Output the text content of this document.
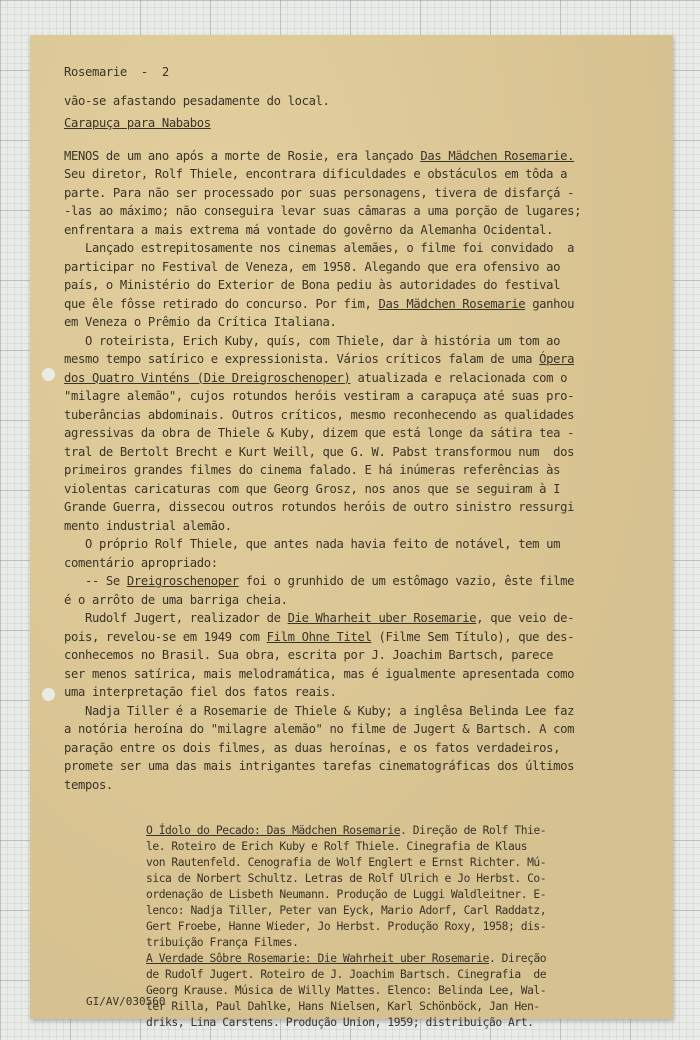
Rosemarie  -  2
vão-se afastando pesadamente do local.
Carapuça para Nababos
MENOS de um ano após a morte de Rosie, era lançado Das Mädchen Rosemarie.
Seu diretor, Rolf Thiele, encontrara dificuldades e obstáculos em tôda a
parte. Para não ser processado por suas personagens, tivera de disfarçá -
-las ao máximo; não conseguira levar suas câmaras a uma porção de lugares;
enfrentara a mais extrema má vontade do govêrno da Alemanha Ocidental.
Lançado estrepitosamente nos cinemas alemães, o filme foi convidado  a
participar no Festival de Veneza, em 1958. Alegando que era ofensivo ao
país, o Ministério do Exterior de Bona pediu às autoridades do festival
que êle fôsse retirado do concurso. Por fim, Das Mädchen Rosemarie ganhou
em Veneza o Prêmio da Crítica Italiana.
O roteirista, Erich Kuby, quís, com Thiele, dar à história um tom ao
mesmo tempo satírico e expressionista. Vários críticos falam de uma Ópera
dos Quatro Vinténs (Die Dreigroschenoper) atualizada e relacionada com o
"milagre alemão", cujos rotundos heróis vestiram a carapuça até suas pro-
tuberâncias abdominais. Outros críticos, mesmo reconhecendo as qualidades
agressivas da obra de Thiele & Kuby, dizem que está longe da sátira tea -
tral de Bertolt Brecht e Kurt Weill, que G. W. Pabst transformou num  dos
primeiros grandes filmes do cinema falado. E há inúmeras referências às
violentas caricaturas com que Georg Grosz, nos anos que se seguiram à I
Grande Guerra, dissecou outros rotundos heróis de outro sinistro ressurgi
mento industrial alemão.
O próprio Rolf Thiele, que antes nada havia feito de notável, tem um
comentário apropriado:
-- Se Dreigroschenoper foi o grunhido de um estômago vazio, êste filme
é o arrôto de uma barriga cheia.
Rudolf Jugert, realizador de Die Wharheit uber Rosemarie, que veio de-
pois, revelou-se em 1949 com Film Ohne Titel (Filme Sem Título), que des-
conhecemos no Brasil. Sua obra, escrita por J. Joachim Bartsch, parece
ser menos satírica, mais melodramática, mas é igualmente apresentada como
uma interpretação fiel dos fatos reais.
Nadja Tiller é a Rosemarie de Thiele & Kuby; a inglêsa Belinda Lee faz
a notória heroína do "milagre alemão" no filme de Jugert & Bartsch. A com
paração entre os dois filmes, as duas heroínas, e os fatos verdadeiros,
promete ser uma das mais intrigantes tarefas cinematográficas dos últimos
tempos.
O Ídolo do Pecado: Das Mädchen Rosemarie. Direção de Rolf Thie-
le. Roteiro de Erich Kuby e Rolf Thiele. Cinegrafia de Klaus
von Rautenfeld. Cenografia de Wolf Englert e Ernst Richter. Mú-
sica de Norbert Schultz. Letras de Rolf Ulrich e Jo Herbst. Co-
ordenação de Lisbeth Neumann. Produção de Luggi Waldleitner. E-
lenco: Nadja Tiller, Peter van Eyck, Mario Adorf, Carl Raddatz,
Gert Froebe, Hanne Wieder, Jo Herbst. Produção Roxy, 1958; dis-
tribuição França Filmes.
A Verdade Sôbre Rosemarie: Die Wahrheit uber Rosemarie. Direção
de Rudolf Jugert. Roteiro de J. Joachim Bartsch. Cinegrafia  de
Georg Krause. Música de Willy Mattes. Elenco: Belinda Lee, Wal-
ter Rilla, Paul Dahlke, Hans Nielsen, Karl Schönböck, Jan Hen-
driks, Lina Carstens. Produção Union, 1959; distribuição Art.
GI/AV/030560
